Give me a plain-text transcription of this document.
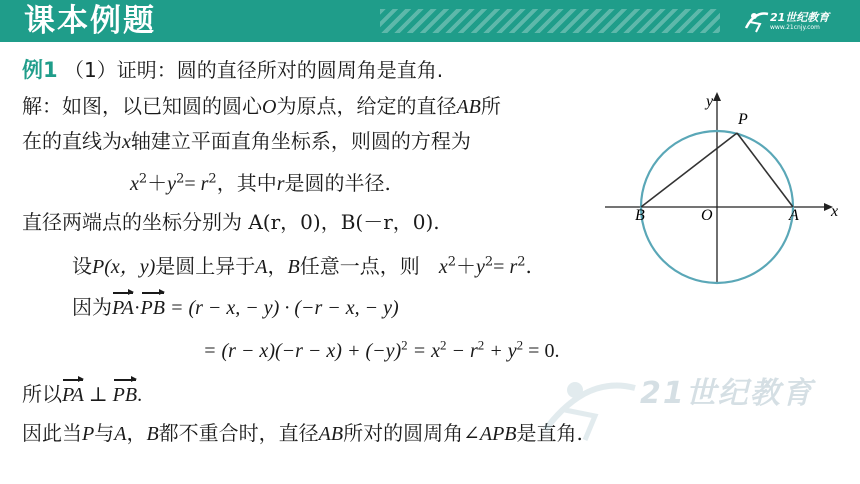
课本例题	21世纪教育
www.21cnjy.com
例1 （1）证明：圆的直径所对的圆周角是直角.
解：如图，以已知圆的圆心O为原点，给定的直径AB所
在的直线为x轴建立平面直角坐标系，则圆的方程为
$x^2+y^2= r^2$，其中r是圆的半径.
直径两端点的坐标分别为 A(r，0)，B(－r，0).
设P(x，y)是圆上异于A，B任意一点，则 $x^2+y^2= r^2$.
因为PA·PB = (r − x, − y) · (−r − x, − y)
= $(r - x)(-r - x) + (-y)^2 = x^2 - r^2 + y^2 = 0$.
所以PA ⊥ PB.
因此当P与A，B都不重合时，直径AB所对的圆周角∠APB是直角.
21世纪教育
y
x
P
B	O	A
